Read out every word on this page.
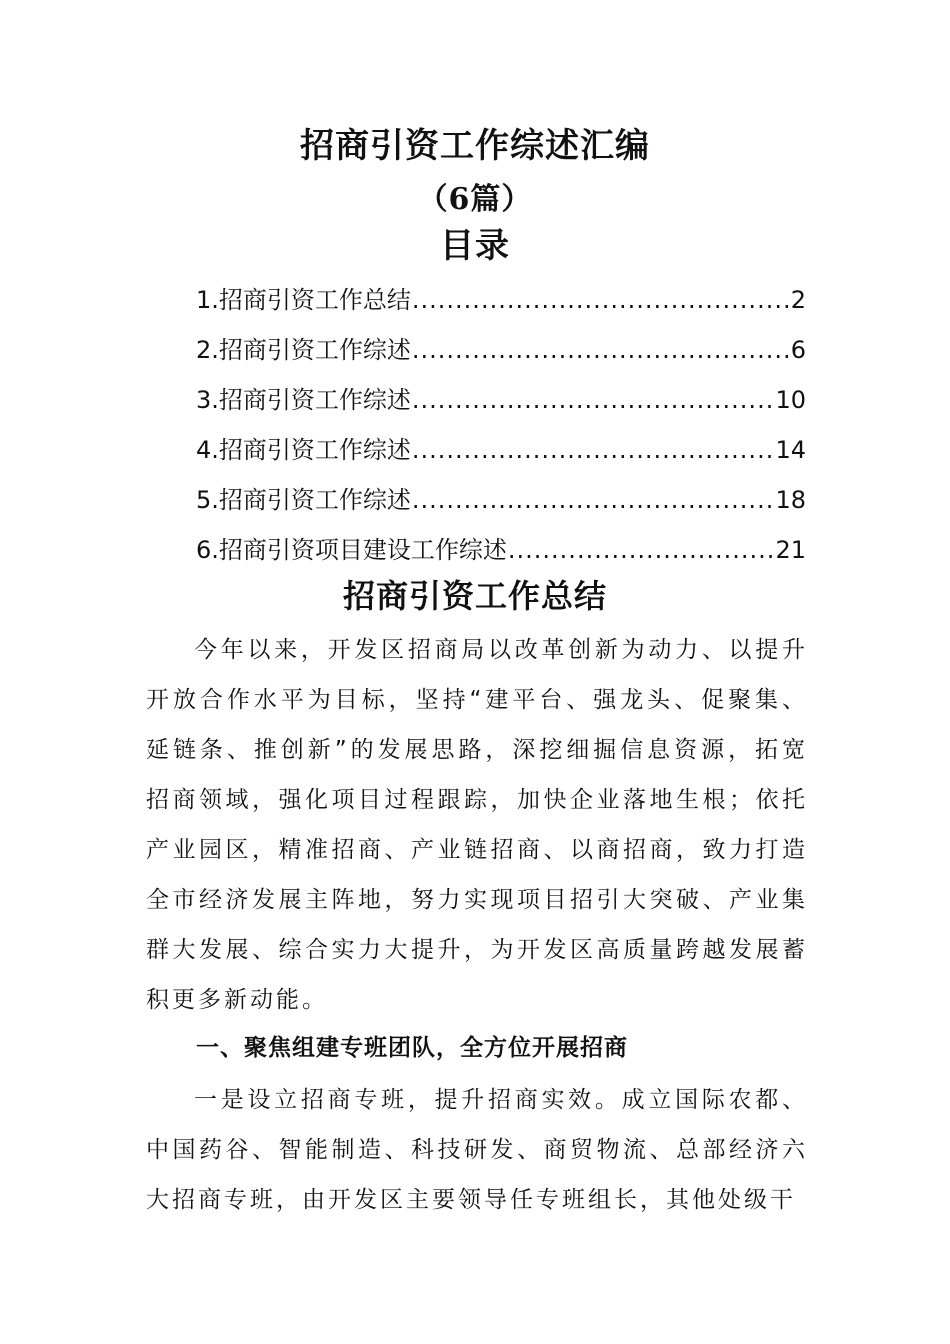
招商引资工作综述汇编
（6篇）
目录
1.招商引资工作总结 .....	2
2.招商引资工作综述 .....	6
3.招商引资工作综述 .....	10
4.招商引资工作综述 .....	14
5.招商引资工作综述 .....	18
6.招商引资项目建设工作综述 .....	21
招商引资工作总结

今年以来，开发区招商局以改革创新为动力、以提升开放合作水平为目标，坚持“建平台、强龙头、促聚集、延链条、推创新”的发展思路，深挖细掘信息资源，拓宽招商领域，强化项目过程跟踪，加快企业落地生根；依托产业园区，精准招商、产业链招商、以商招商，致力打造全市经济发展主阵地，努力实现项目招引大突破、产业集群大发展、综合实力大提升，为开发区高质量跨越发展蓄积更多新动能。

一、聚焦组建专班团队，全方位开展招商

一是设立招商专班，提升招商实效。成立国际农都、中国药谷、智能制造、科技研发、商贸物流、总部经济六大招商专班，由开发区主要领导任专班组长，其他处级干
